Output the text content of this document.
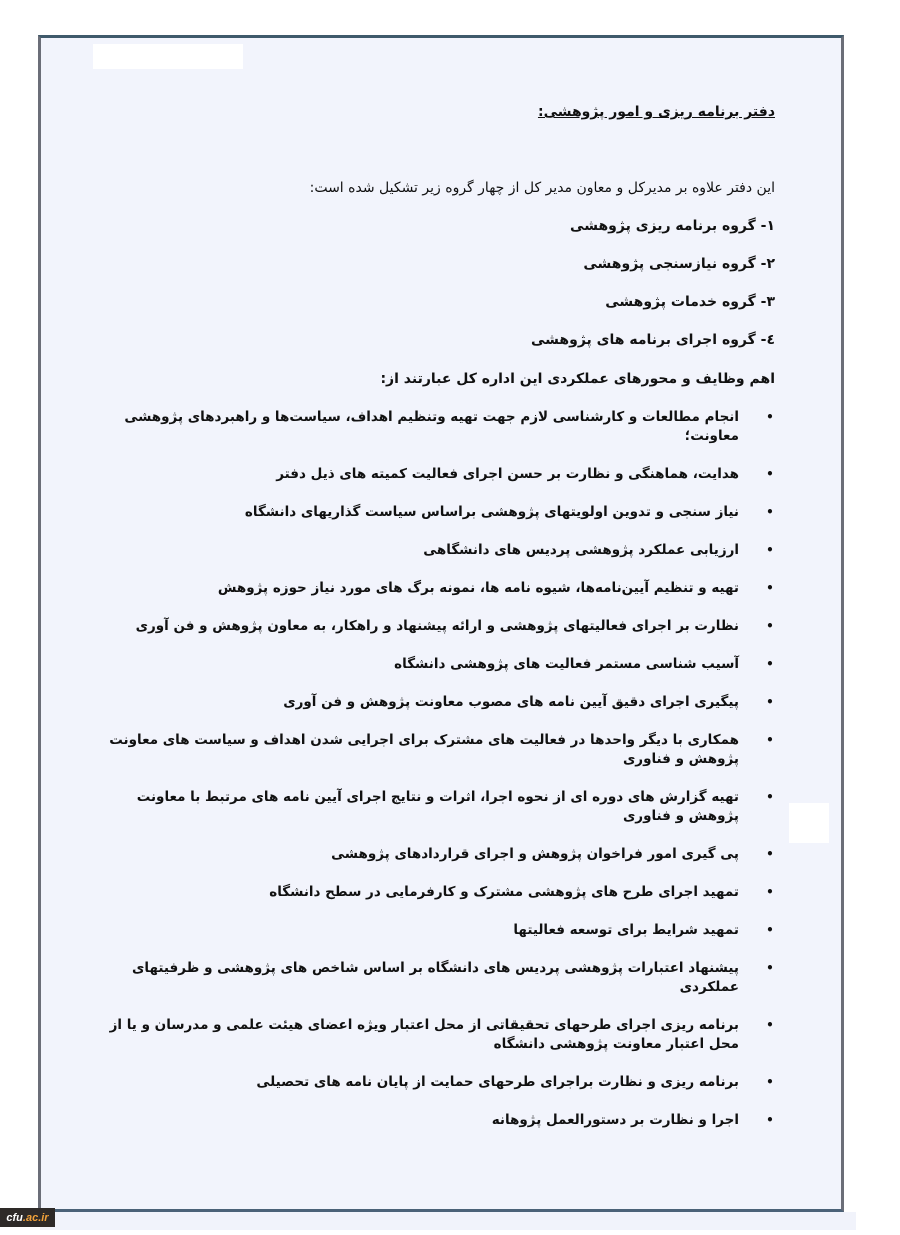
دفتر برنامه ریزی و امور پژوهشی:
این دفتر علاوه بر مدیرکل و معاون مدیر کل از چهار گروه زیر تشکیل شده است:
۱- گروه برنامه ریزی پژوهشی
۲- گروه نیازسنجی پژوهشی
۳- گروه خدمات پژوهشی
٤- گروه اجرای برنامه های پژوهشی
اهم وظایف و محورهای عملکردی این اداره کل عبارتند از:
•
انجام مطالعات و کارشناسی لازم جهت تهیه وتنظیم اهداف، سیاست‌ها و راهبردهای پژوهشی معاونت؛
•
هدایت، هماهنگی و نظارت بر حسن اجرای فعالیت کمیته های ذیل دفتر
•
نیاز سنجی و تدوین اولویتهای پژوهشی براساس سیاست گذاریهای دانشگاه
•
ارزیابی عملکرد پژوهشی پردیس های دانشگاهی
•
تهیه و تنظیم آیین‌نامه‌ها، شیوه نامه ها، نمونه برگ های مورد نیاز حوزه پژوهش
•
نظارت بر اجرای فعالیتهای پژوهشی و ارائه پیشنهاد و راهکار، به معاون پژوهش و فن آوری
•
آسیب شناسی مستمر فعالیت های پژوهشی دانشگاه
•
پیگیری اجرای دقیق آیین نامه های مصوب معاونت پژوهش و فن آوری
•
همکاری با دیگر واحدها در فعالیت های مشترک برای اجرایی شدن اهداف و سیاست های معاونت پژوهش و فناوری
•
تهیه گزارش های دوره ای از نحوه اجرا، اثرات و نتایج اجرای آیین نامه های مرتبط با معاونت پژوهش و فناوری
•
پی گیری امور فراخوان پژوهش و اجرای قراردادهای پژوهشی
•
تمهید اجرای طرح های پژوهشی مشترک و کارفرمایی در سطح دانشگاه
•
تمهید شرایط برای توسعه فعالیتها
•
پیشنهاد اعتبارات پژوهشی پردیس های دانشگاه بر اساس شاخص های پژوهشی و ظرفیتهای عملکردی
•
برنامه ریزی اجرای طرحهای تحقیقاتی از محل اعتبار ویژه اعضای هیئت علمی و مدرسان و یا از محل اعتبار معاونت پژوهشی دانشگاه
•
برنامه ریزی و نظارت براجرای طرحهای حمایت از پایان نامه های تحصیلی
•
اجرا و نظارت بر دستورالعمل پژوهانه
cfu .ac.ir
